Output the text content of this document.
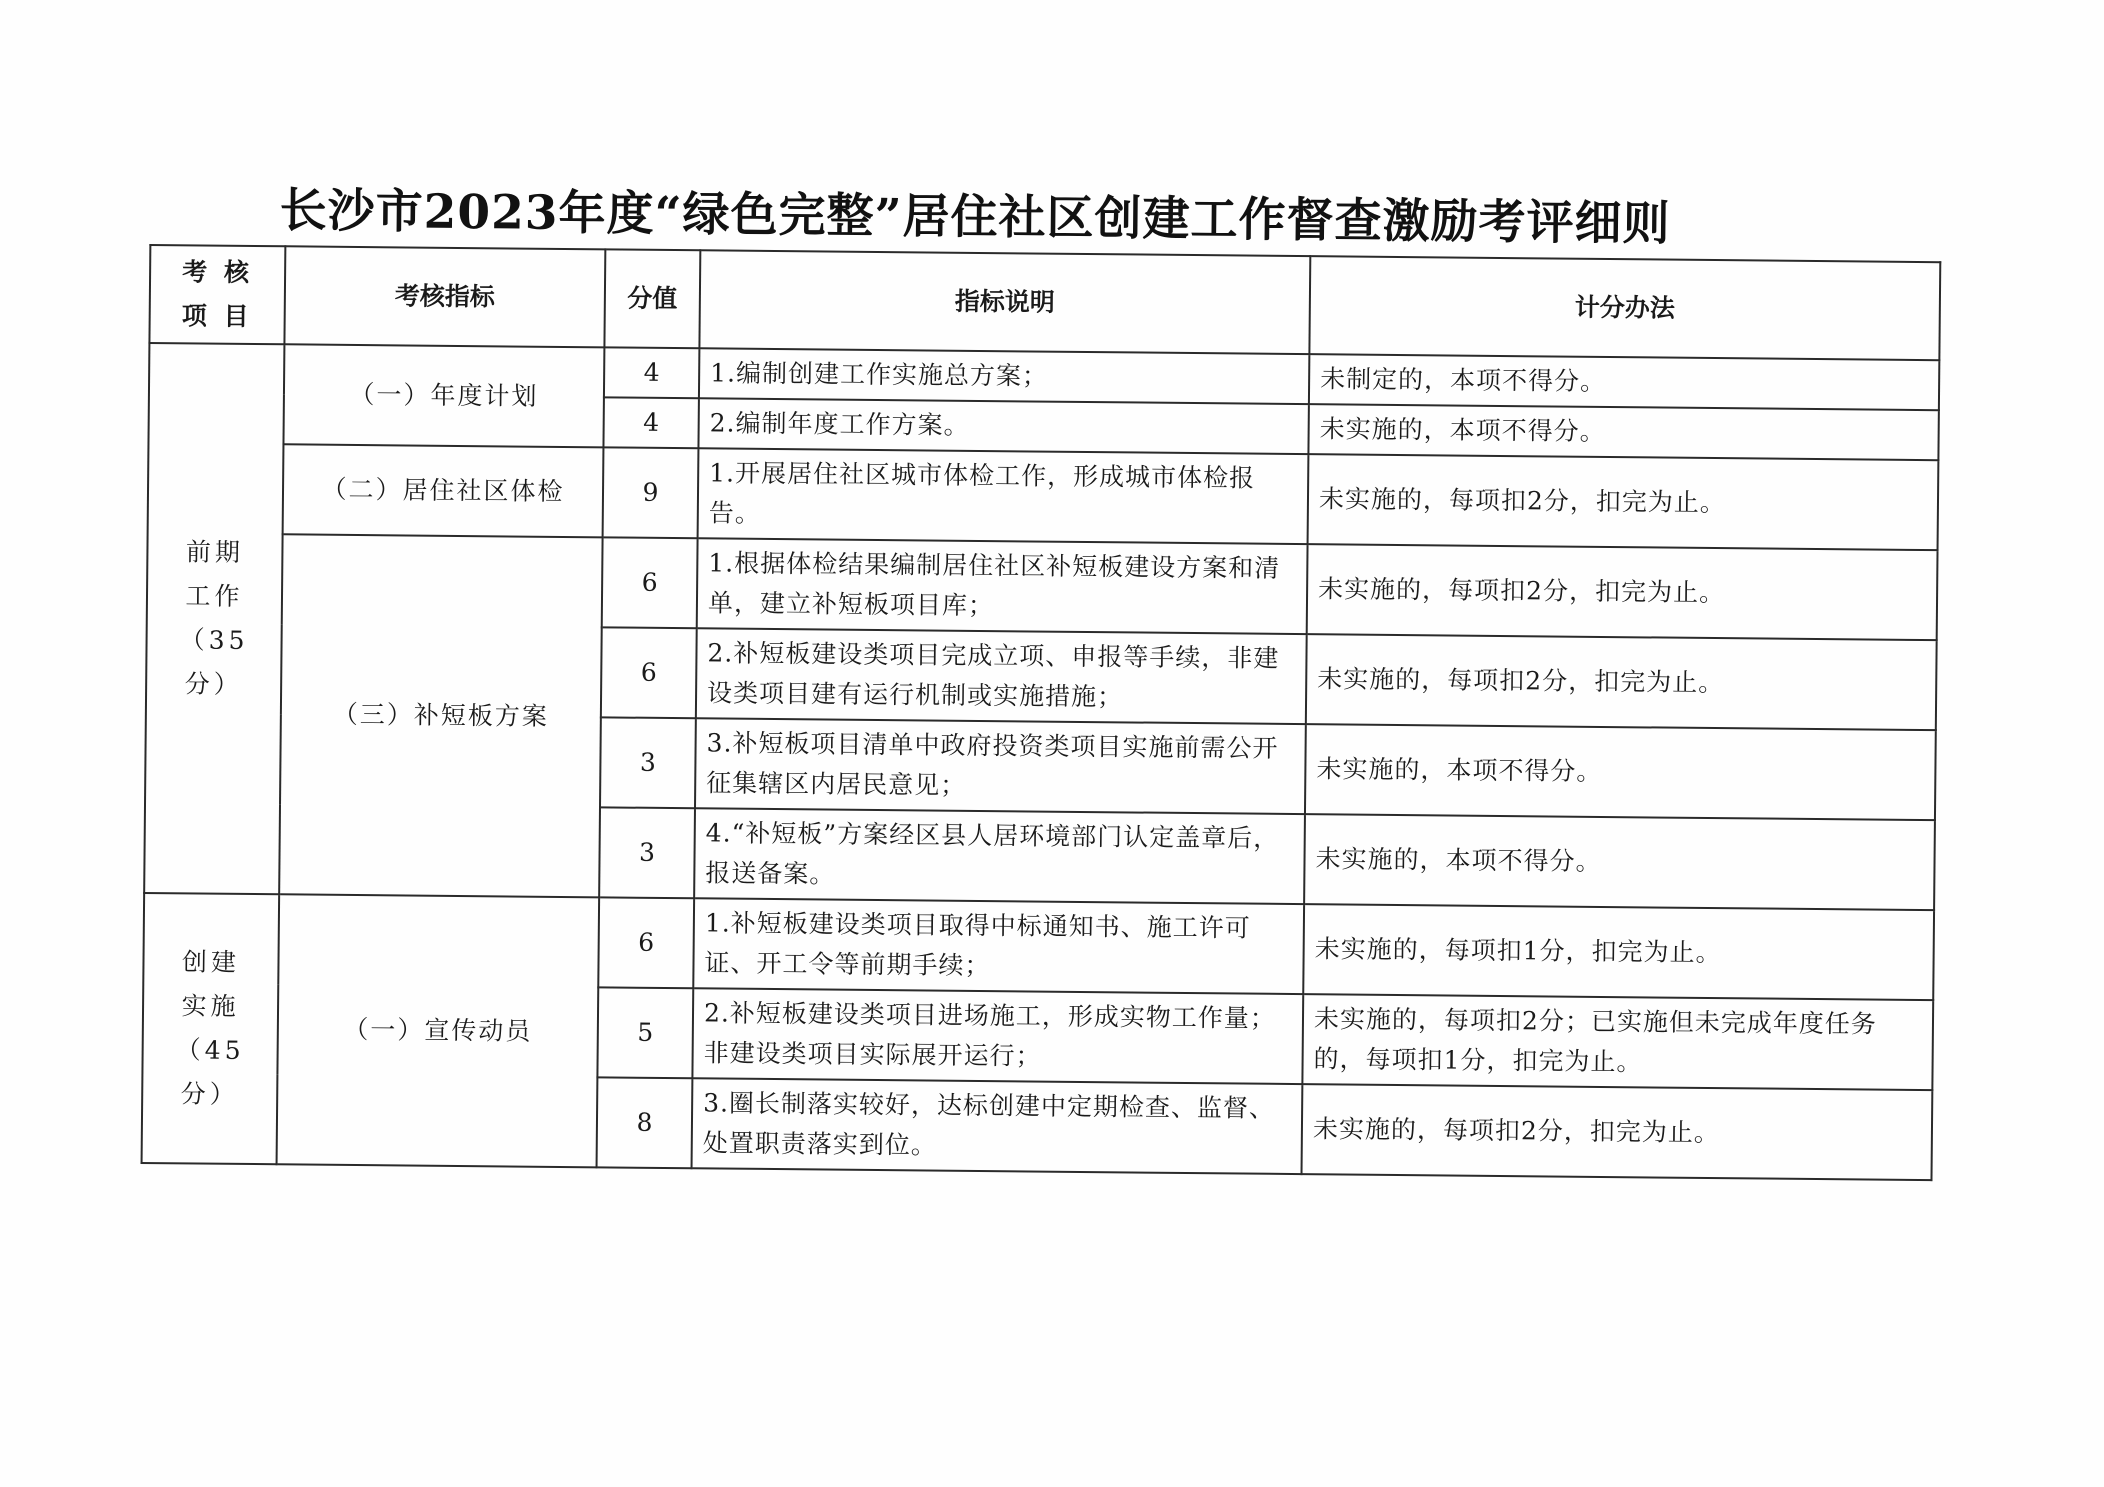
长沙市2023年度“绿色完整”居住社区创建工作督查激励考评细则
考 核
项 目	考核指标	分值	指标说明	计分办法
前期
工作
（35分）	（一）年度计划	4	1.编制创建工作实施总方案；	未制定的，本项不得分。
		4	2.编制年度工作方案。	未实施的，本项不得分。
	（二）居住社区体检	9	1.开展居住社区城市体检工作，形成城市体检报告。	未实施的，每项扣2分，扣完为止。
	（三）补短板方案	6	1.根据体检结果编制居住社区补短板建设方案和清单，建立补短板项目库；	未实施的，每项扣2分，扣完为止。
		6	2.补短板建设类项目完成立项、申报等手续，非建设类项目建有运行机制或实施措施；	未实施的，每项扣2分，扣完为止。
		3	3.补短板项目清单中政府投资类项目实施前需公开征集辖区内居民意见；	未实施的，本项不得分。
		3	4.“补短板”方案经区县人居环境部门认定盖章后，报送备案。	未实施的，本项不得分。
创建
实施
（45分）	（一）宣传动员	6	1.补短板建设类项目取得中标通知书、施工许可证、开工令等前期手续；	未实施的，每项扣1分，扣完为止。
		5	2.补短板建设类项目进场施工，形成实物工作量；非建设类项目实际展开运行；	未实施的，每项扣2分；已实施但未完成年度任务的，每项扣1分，扣完为止。
		8	3.圈长制落实较好，达标创建中定期检查、监督、处置职责落实到位。	未实施的，每项扣2分，扣完为止。
